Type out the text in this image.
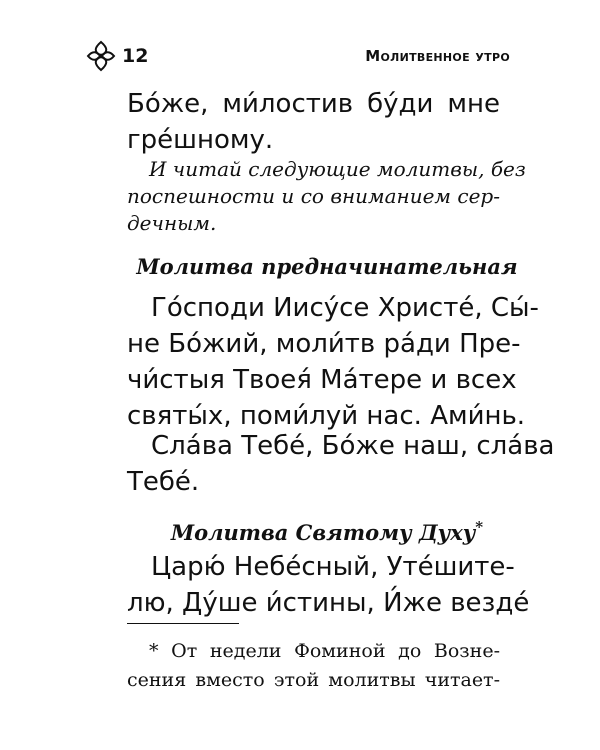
12	Молитвенное утро

Бо́же, ми́лостив бу́ди мне
гре́шному.

И читай следующие молитвы, без
поспешности и со вниманием сер-
дечным.

Молитва предначинательная

Го́споди Иису́се Христе́, Сы́-
не Бо́жий, моли́тв ра́ди Пре-
чи́стыя Твоея́ Ма́тере и всех
святы́х, поми́луй нас. Ами́нь.

Сла́ва Тебе́, Бо́же наш, сла́ва
Тебе́.

Молитва Святому Духу*

Царю́ Небе́сный, Уте́шите-
лю, Ду́ше и́стины, И́же везде́

* От недели Фоминой до Возне-
сения вместо этой молитвы читает-
